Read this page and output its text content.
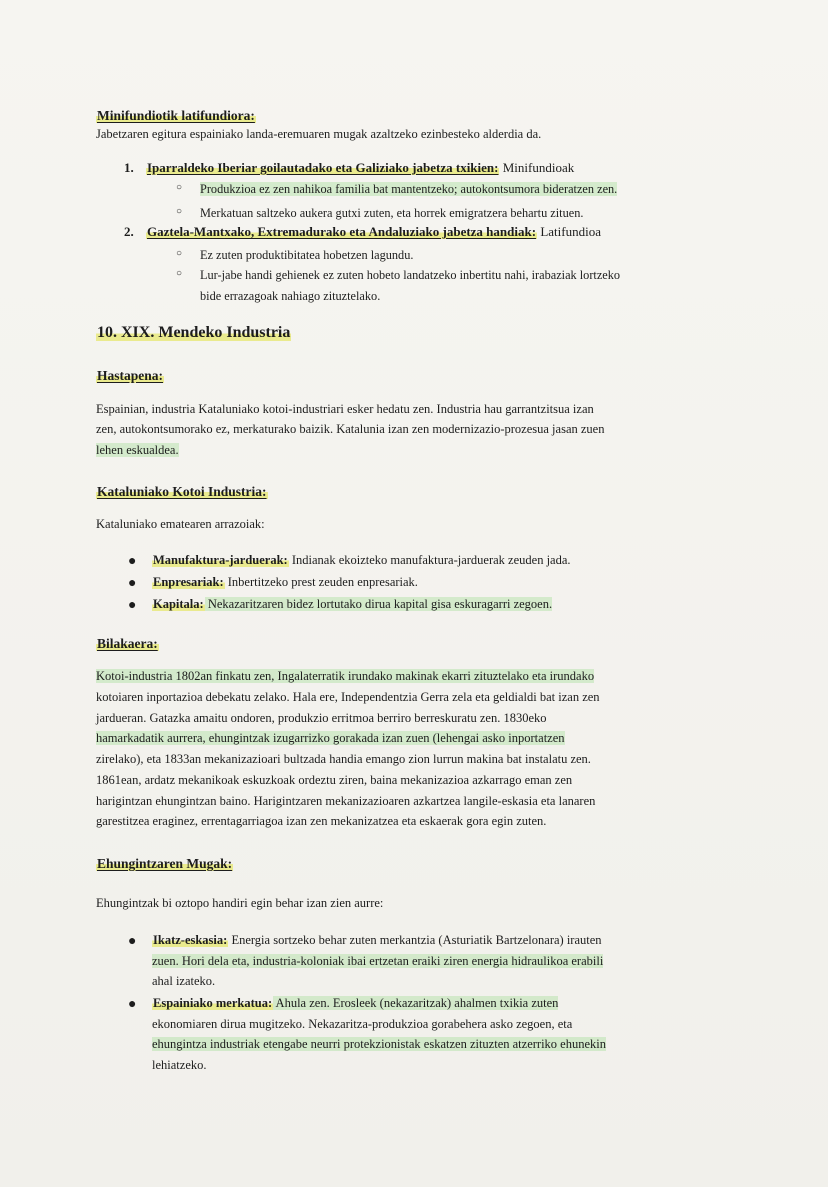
Minifundiotik latifundiora:
Jabetzaren egitura espainiako landa-eremuaren mugak azaltzeko ezinbesteko alderdia da.
1. Iparraldeko Iberiar goilautadako eta Galiziako jabetza txikien: Minifundioak
○ Produkzioa ez zen nahikoa familia bat mantentzeko; autokontsumora bideratzen zen.
○ Merkatuan saltzeko aukera gutxi zuten, eta horrek emigratzera behartu zituen.
2. Gaztela-Mantxako, Extremadurako eta Andaluziako jabetza handiak: Latifundioa
○ Ez zuten produktibitatea hobetzen lagundu.
○ Lur-jabe handi gehienek ez zuten hobeto landatzeko inbertitu nahi, irabaziak lortzeko
bide errazagoak nahiago zituztelako.
10. XIX. Mendeko Industria
Hastapena:
Espainian, industria Kataluniako kotoi-industriari esker hedatu zen. Industria hau garrantzitsua izan
zen, autokontsumorako ez, merkaturako baizik. Katalunia izan zen modernizazio-prozesua jasan zuen
lehen eskualdea.
Kataluniako Kotoi Industria:
Kataluniako ematearen arrazoiak:
● Manufaktura-jarduerak: Indianak ekoizteko manufaktura-jarduerak zeuden jada.
● Enpresariak: Inbertitzeko prest zeuden enpresariak.
● Kapitala: Nekazaritzaren bidez lortutako dirua kapital gisa eskuragarri zegoen.
Bilakaera:
Kotoi-industria 1802an finkatu zen, Ingalaterratik irundako makinak ekarri zituztelako eta irundako
kotoiaren inportazioa debekatu zelako. Hala ere, Independentzia Gerra zela eta geldialdi bat izan zen
jardueran. Gatazka amaitu ondoren, produkzio erritmoa berriro berreskuratu zen. 1830eko
hamarkadatik aurrera, ehungintzak izugarrizko gorakada izan zuen (lehengai asko inportatzen
zirelako), eta 1833an mekanizazioari bultzada handia emango zion lurrun makina bat instalatu zen.
1861ean, ardatz mekanikoak eskuzkoak ordeztu ziren, baina mekanizazioa azkarrago eman zen
harigintzan ehungintzan baino. Harigintzaren mekanizazioaren azkartzea langile-eskasia eta lanaren
garestitzea eraginez, errentagarriagoa izan zen mekanizatzea eta eskaerak gora egin zuten.
Ehungintzaren Mugak:
Ehungintzak bi oztopo handiri egin behar izan zien aurre:
● Ikatz-eskasia: Energia sortzeko behar zuten merkantzia (Asturiatik Bartzelonara) irauten
zuen. Hori dela eta, industria-koloniak ibai ertzetan eraiki ziren energia hidraulikoa erabili
ahal izateko.
● Espainiako merkatua: Ahula zen. Erosleek (nekazaritzak) ahalmen txikia zuten
ekonomiaren dirua mugitzeko. Nekazaritza-produkzioa gorabehera asko zegoen, eta
ehungintza industriak etengabe neurri protekzionistak eskatzen zituzten atzerriko ehunekin
lehiatzeko.
